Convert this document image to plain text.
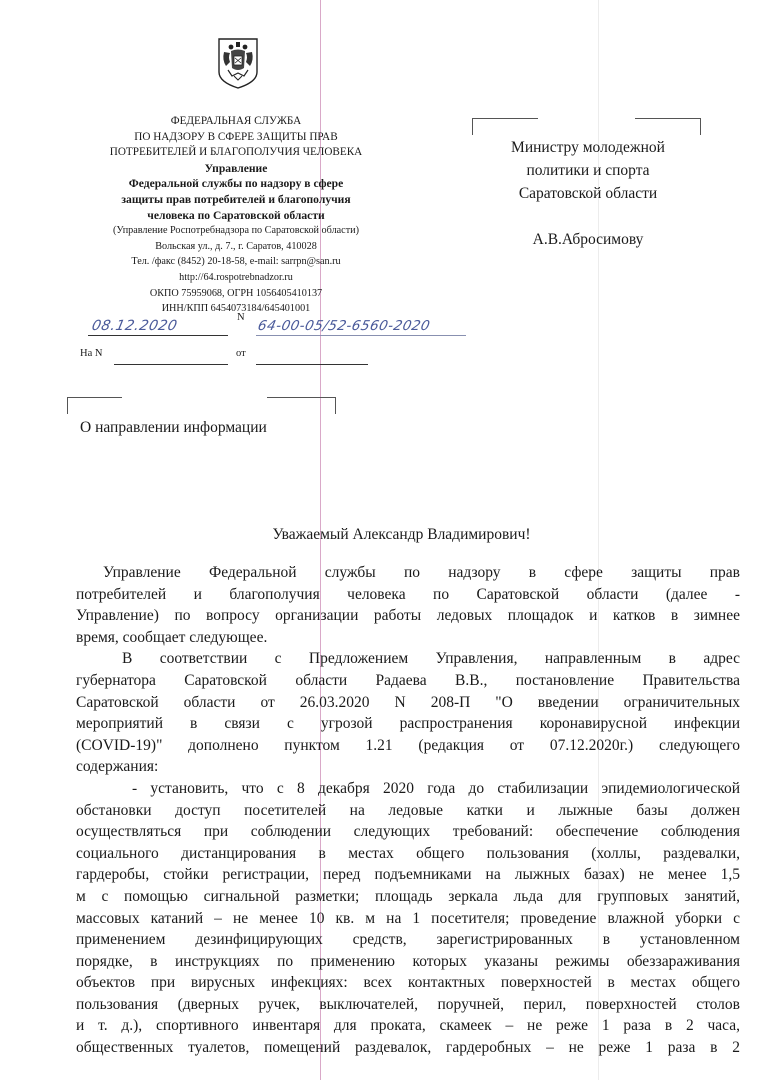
ФЕДЕРАЛЬНАЯ СЛУЖБА
ПО НАДЗОРУ В СФЕРЕ ЗАЩИТЫ ПРАВ
ПОТРЕБИТЕЛЕЙ И БЛАГОПОЛУЧИЯ ЧЕЛОВЕКА
Управление
Федеральной службы по надзору в сфере
защиты прав потребителей и благополучия
человека по Саратовской области
(Управление Роспотребнадзора по Саратовской области)
Вольская ул., д. 7., г. Саратов, 410028
Тел. /факс (8452) 20-18-58, e-mail: sarrpn@san.ru
http://64.rospotrebnadzor.ru
ОКПО 75959068, ОГРН 1056405410137
ИНН/КПП 6454073184/645401001
08.12.2020
N
64-00-05/52-6560-2020
На N	от
Министру молодежной
политики и спорта
Саратовской области
А.В.Абросимову
О направлении информации
Уважаемый Александр Владимирович!
Управление Федеральной службы по надзору в сфере защиты прав
потребителей и благополучия человека по Саратовской области (далее -
Управление) по вопросу организации работы ледовых площадок и катков в зимнее
время, сообщает следующее.
В соответствии с Предложением Управления, направленным в адрес
губернатора Саратовской области Радаева В.В., постановление Правительства
Саратовской области от 26.03.2020 N 208-П "О введении ограничительных
мероприятий в связи с угрозой распространения коронавирусной инфекции
(COVID-19)" дополнено пунктом 1.21 (редакция от 07.12.2020г.) следующего
содержания:
- установить, что с 8 декабря 2020 года до стабилизации эпидемиологической
обстановки доступ посетителей на ледовые катки и лыжные базы должен
осуществляться при соблюдении следующих требований: обеспечение соблюдения
социального дистанцирования в местах общего пользования (холлы, раздевалки,
гардеробы, стойки регистрации, перед подъемниками на лыжных базах) не менее 1,5
м с помощью сигнальной разметки; площадь зеркала льда для групповых занятий,
массовых катаний – не менее 10 кв. м на 1 посетителя; проведение влажной уборки с
применением дезинфицирующих средств, зарегистрированных в установленном
порядке, в инструкциях по применению которых указаны режимы обеззараживания
объектов при вирусных инфекциях: всех контактных поверхностей в местах общего
пользования (дверных ручек, выключателей, поручней, перил, поверхностей столов
и т. д.), спортивного инвентаря для проката, скамеек – не реже 1 раза в 2 часа,
общественных туалетов, помещений раздевалок, гардеробных – не реже 1 раза в 2
